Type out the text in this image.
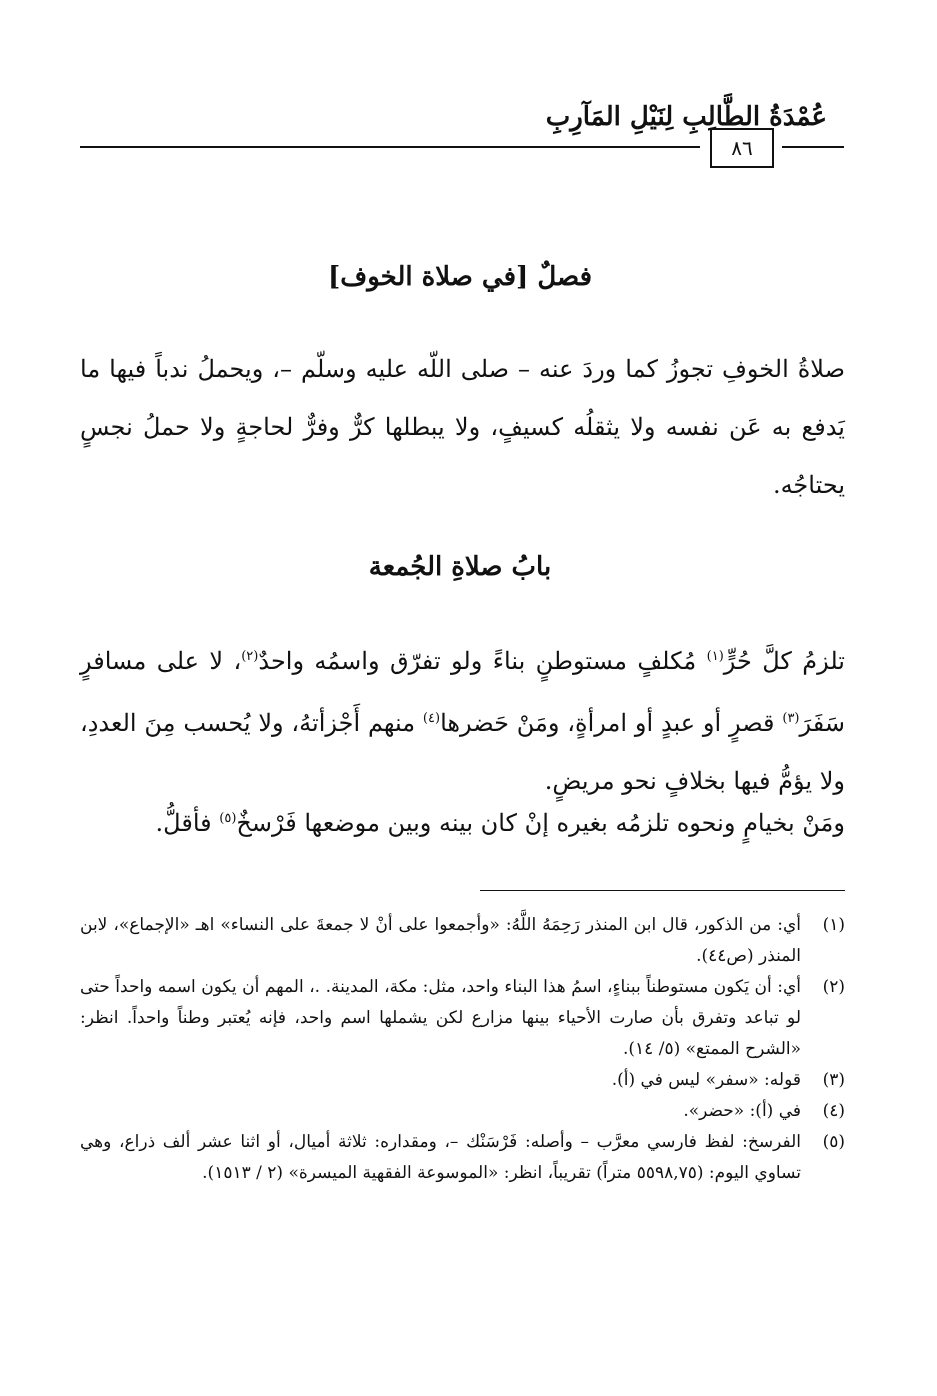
عُمْدَةُ الطَّالِبِ لِنَيْلِ المَآرِبِ
٨٦
فصلٌ [في صلاة الخوف]
صلاةُ الخوفِ تجوزُ كما وردَ عنه – صلى اللّه عليه وسلّم –، ويحملُ ندباً فيها ما يَدفع به عَن نفسه ولا يثقلُه كسيفٍ، ولا يبطلها كرٌّ وفرٌّ لحاجةٍ ولا حملُ نجسٍ يحتاجُه.
بابُ صلاةِ الجُمعة
تلزمُ كلَّ حُرٍّ$^{(١)}$ مُكلفٍ مستوطنٍ بناءً ولو تفرّق واسمُه واحدٌ$^{(٢)}$، لا على مسافرٍ سَفَرَ$^{(٣)}$ قصرٍ أو عبدٍ أو امرأةٍ، ومَنْ حَضرها$^{(٤)}$ منهم أَجْزأتهُ، ولا يُحسب مِنَ العددِ، ولا يؤمُّ فيها بخلافٍ نحو مريضٍ.
ومَنْ بخيامٍ ونحوه تلزمُه بغيره إنْ كان بينه وبين موضعها فَرْسخٌ$^{(٥)}$ فأقلُّ.
(١)
أي: من الذكور، قال ابن المنذر رَحِمَهُ اللَّهُ: «وأجمعوا على أنْ لا جمعةَ على النساء» اهـ «الإجماع»، لابن المنذر (ص٤٤).
(٢)
أي: أن يَكون مستوطناً ببناءٍ، اسمُ هذا البناء واحد، مثل: مكة، المدينة. .، المهم أن يكون اسمه واحداً حتى لو تباعد وتفرق بأن صارت الأحياء بينها مزارع لكن يشملها اسم واحد، فإنه يُعتبر وطناً واحداً. انظر: «الشرح الممتع» (٥/ ١٤).
(٣)
قوله: «سفر» ليس في (أ).
(٤)
في (أ): «حضر».
(٥)
الفرسخ: لفظ فارسي معرَّب – وأصله: فَرْسَنْك –، ومقداره: ثلاثة أميال، أو اثنا عشر ألف ذراع، وهي تساوي اليوم: (٥٥٩٨,٧٥ متراً) تقريباً، انظر: «الموسوعة الفقهية الميسرة» (٢ / ١٥١٣).
